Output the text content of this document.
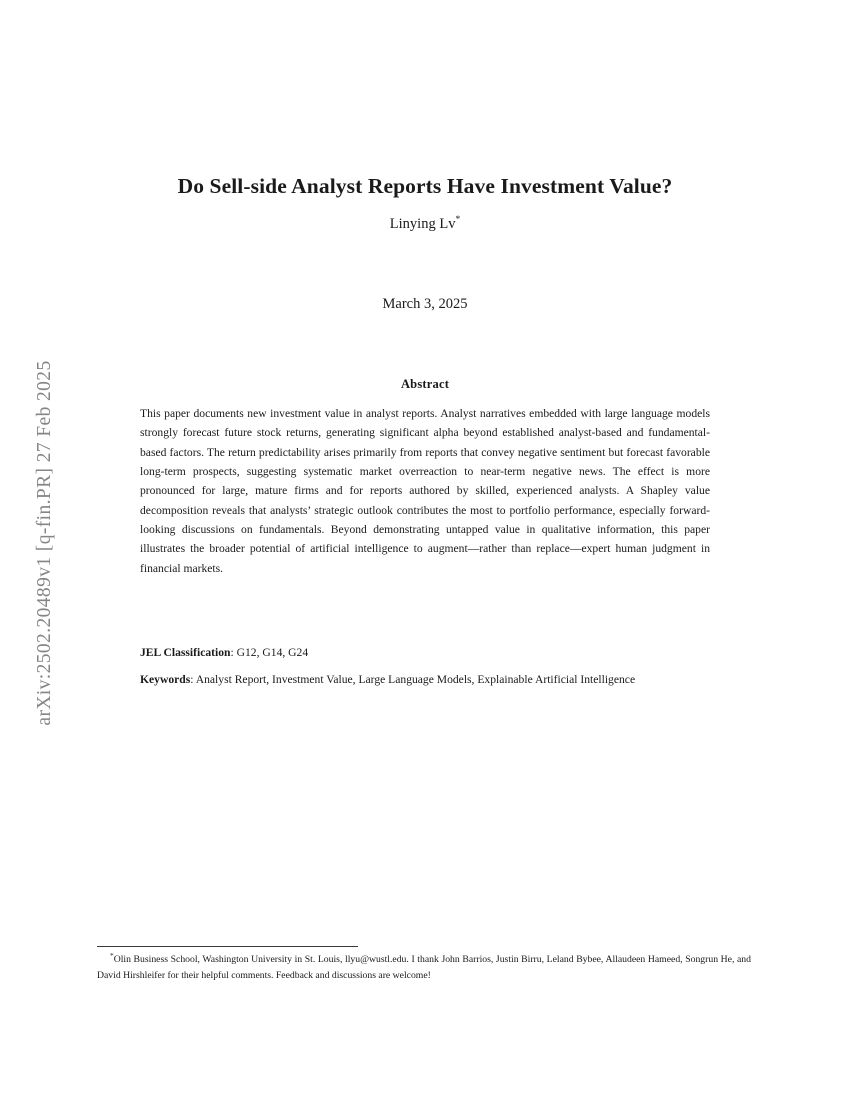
arXiv:2502.20489v1 [q-fin.PR] 27 Feb 2025
Do Sell-side Analyst Reports Have Investment Value?
Linying Lv*
March 3, 2025
Abstract
This paper documents new investment value in analyst reports. Analyst narratives embedded with large language models strongly forecast future stock returns, generating significant alpha beyond established analyst-based and fundamental-based factors. The return predictability arises primarily from reports that convey negative sentiment but forecast favorable long-term prospects, suggesting systematic market overreaction to near-term negative news. The effect is more pronounced for large, mature firms and for reports authored by skilled, experienced analysts. A Shapley value decomposition reveals that analysts’ strategic outlook contributes the most to portfolio performance, especially forward-looking discussions on fundamentals. Beyond demonstrating untapped value in qualitative information, this paper illustrates the broader potential of artificial intelligence to augment—rather than replace—expert human judgment in financial markets.
JEL Classification: G12, G14, G24
Keywords: Analyst Report, Investment Value, Large Language Models, Explainable Artificial Intelligence
*Olin Business School, Washington University in St. Louis, llyu@wustl.edu. I thank John Barrios, Justin Birru, Leland Bybee, Allaudeen Hameed, Songrun He, and David Hirshleifer for their helpful comments. Feedback and discussions are welcome!
